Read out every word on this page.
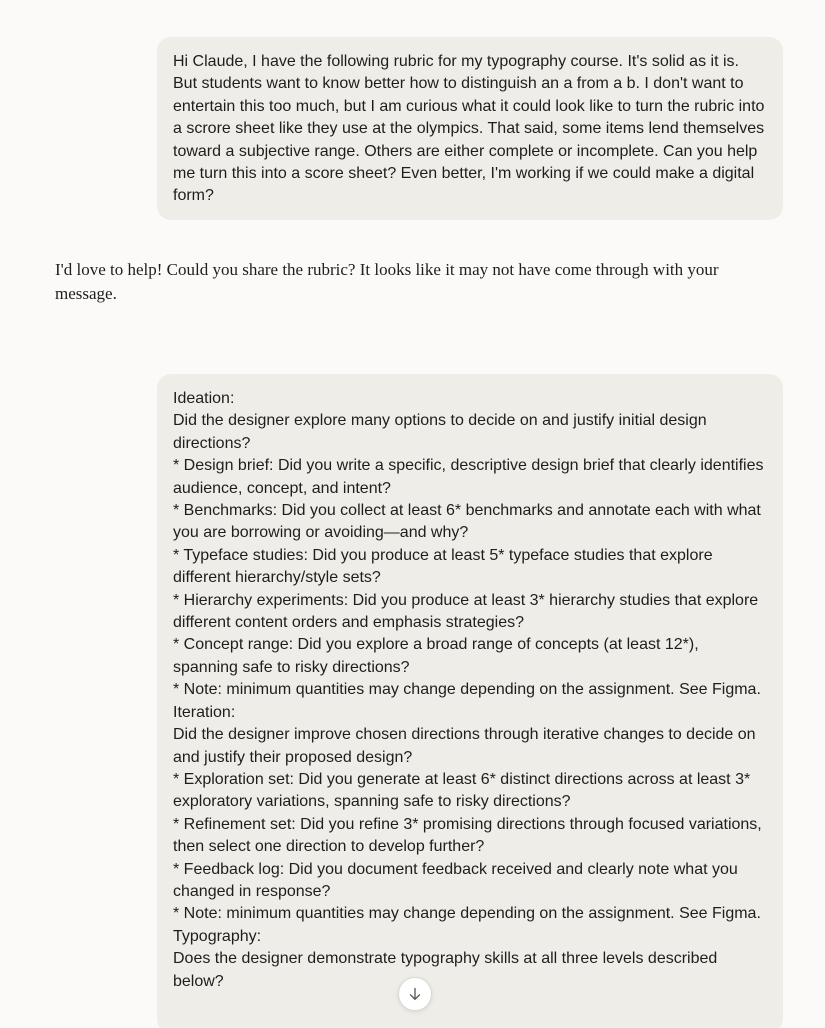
Hi Claude, I have the following rubric for my typography course. It's solid as it is. But students want to know better how to distinguish an a from a b. I don't want to entertain this too much, but I am curious what it could look like to turn the rubric into a scrore sheet like they use at the olympics. That said, some items lend themselves toward a subjective range. Others are either complete or incomplete. Can you help me turn this into a score sheet? Even better, I'm working if we could make a digital form?
I'd love to help! Could you share the rubric? It looks like it may not have come through with your message.
Ideation:
Did the designer explore many options to decide on and justify initial design directions?
* Design brief: Did you write a specific, descriptive design brief that clearly identifies audience, concept, and intent?
* Benchmarks: Did you collect at least 6* benchmarks and annotate each with what you are borrowing or avoiding—and why?
* Typeface studies: Did you produce at least 5* typeface studies that explore different hierarchy/style sets?
* Hierarchy experiments: Did you produce at least 3* hierarchy studies that explore different content orders and emphasis strategies?
* Concept range: Did you explore a broad range of concepts (at least 12*), spanning safe to risky directions?
* Note: minimum quantities may change depending on the assignment. See Figma.
Iteration:
Did the designer improve chosen directions through iterative changes to decide on and justify their proposed design?
* Exploration set: Did you generate at least 6* distinct directions across at least 3* exploratory variations, spanning safe to risky directions?
* Refinement set: Did you refine 3* promising directions through focused variations, then select one direction to develop further?
* Feedback log: Did you document feedback received and clearly note what you changed in response?
* Note: minimum quantities may change depending on the assignment. See Figma.
Typography:
Does the designer demonstrate typography skills at all three levels described below?
